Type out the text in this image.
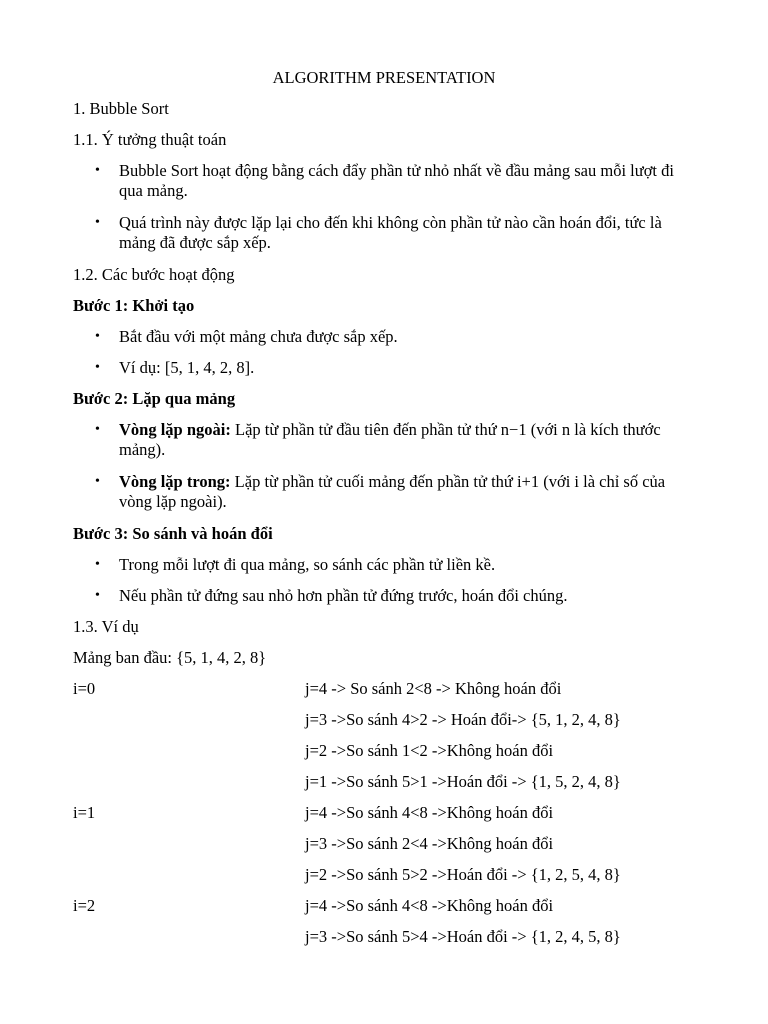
ALGORITHM PRESENTATION
1. Bubble Sort
1.1. Ý tưởng thuật toán
• Bubble Sort hoạt động bằng cách đẩy phần tử nhỏ nhất về đầu mảng sau mỗi lượt đi qua mảng.
• Quá trình này được lặp lại cho đến khi không còn phần tử nào cần hoán đổi, tức là mảng đã được sắp xếp.
1.2. Các bước hoạt động
Bước 1: Khởi tạo
• Bắt đầu với một mảng chưa được sắp xếp.
• Ví dụ: [5, 1, 4, 2, 8].
Bước 2: Lặp qua mảng
• Vòng lặp ngoài: Lặp từ phần tử đầu tiên đến phần tử thứ n−1 (với n là kích thước mảng).
• Vòng lặp trong: Lặp từ phần tử cuối mảng đến phần tử thứ i+1 (với i là chỉ số của vòng lặp ngoài).
Bước 3: So sánh và hoán đổi
• Trong mỗi lượt đi qua mảng, so sánh các phần tử liền kề.
• Nếu phần tử đứng sau nhỏ hơn phần tử đứng trước, hoán đổi chúng.
1.3. Ví dụ
Mảng ban đầu: {5, 1, 4, 2, 8}
i=0	j=4 -> So sánh 2<8 -> Không hoán đổi
j=3 ->So sánh 4>2 -> Hoán đổi-> {5, 1, 2, 4, 8}
j=2 ->So sánh 1<2 ->Không hoán đổi
j=1 ->So sánh 5>1 ->Hoán đổi -> {1, 5, 2, 4, 8}
i=1	j=4 ->So sánh 4<8 ->Không hoán đổi
j=3 ->So sánh 2<4 ->Không hoán đổi
j=2 ->So sánh 5>2 ->Hoán đổi -> {1, 2, 5, 4, 8}
i=2	j=4 ->So sánh 4<8 ->Không hoán đổi
j=3 ->So sánh 5>4 ->Hoán đổi -> {1, 2, 4, 5, 8}
